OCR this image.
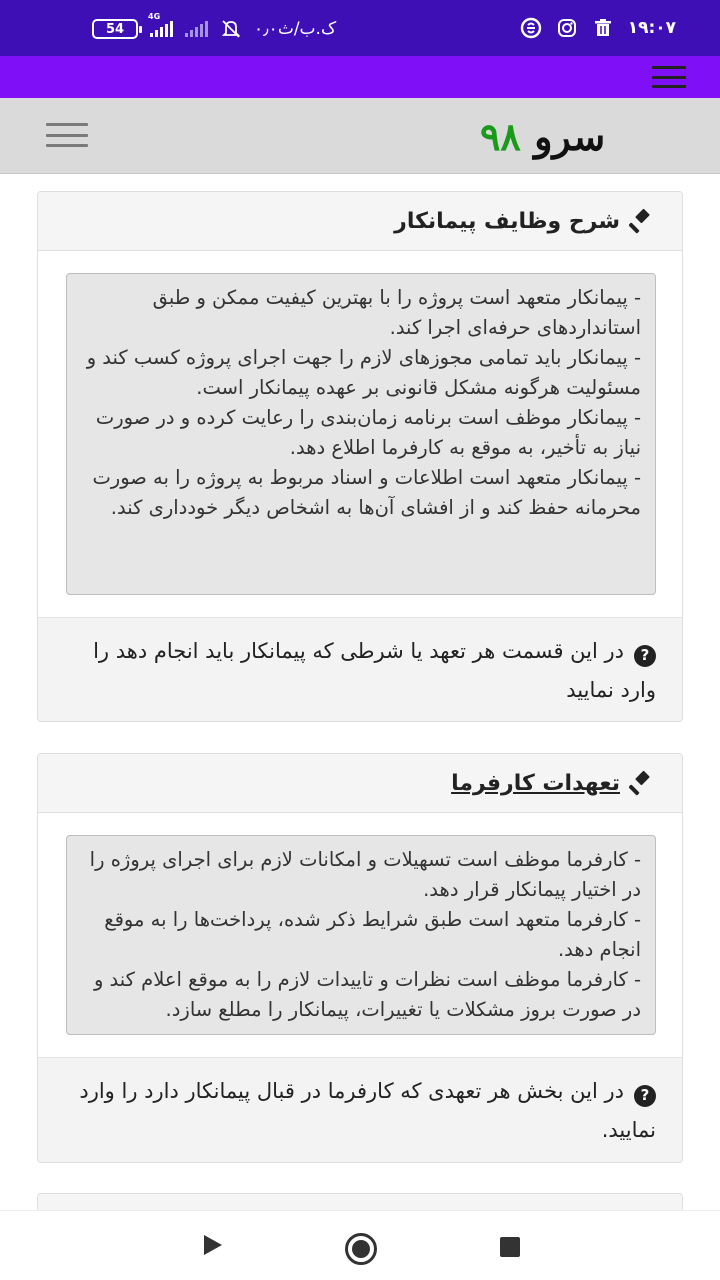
54
4G
۰٫۰ک.ب/ث	۱۹:۰۷
سرو ۹۸
شرح وظایف پیمانکار

- پیمانکار متعهد است پروژه را با بهترین کیفیت ممکن و طبق استانداردهای حرفه‌ای اجرا کند.

- پیمانکار باید تمامی مجوزهای لازم را جهت اجرای پروژه کسب کند و مسئولیت هرگونه مشکل قانونی بر عهده پیمانکار است.

- پیمانکار موظف است برنامه زمان‌بندی را رعایت کرده و در صورت نیاز به تأخیر، به موقع به کارفرما اطلاع دهد.

- پیمانکار متعهد است اطلاعات و اسناد مربوط به پروژه را به صورت محرمانه حفظ کند و از افشای آن‌ها به اشخاص دیگر خودداری کند.

?در این قسمت هر تعهد یا شرطی که پیمانکار باید انجام دهد را وارد نمایید
تعهدات کارفرما

- کارفرما موظف است تسهیلات و امکانات لازم برای اجرای پروژه را در اختیار پیمانکار قرار دهد.

- کارفرما متعهد است طبق شرایط ذکر شده، پرداخت‌ها را به موقع انجام دهد.

- کارفرما موظف است نظرات و تاییدات لازم را به موقع اعلام کند و در صورت بروز مشکلات یا تغییرات، پیمانکار را مطلع سازد.

?در این بخش هر تعهدی که کارفرما در قبال پیمانکار دارد را وارد نمایید.
